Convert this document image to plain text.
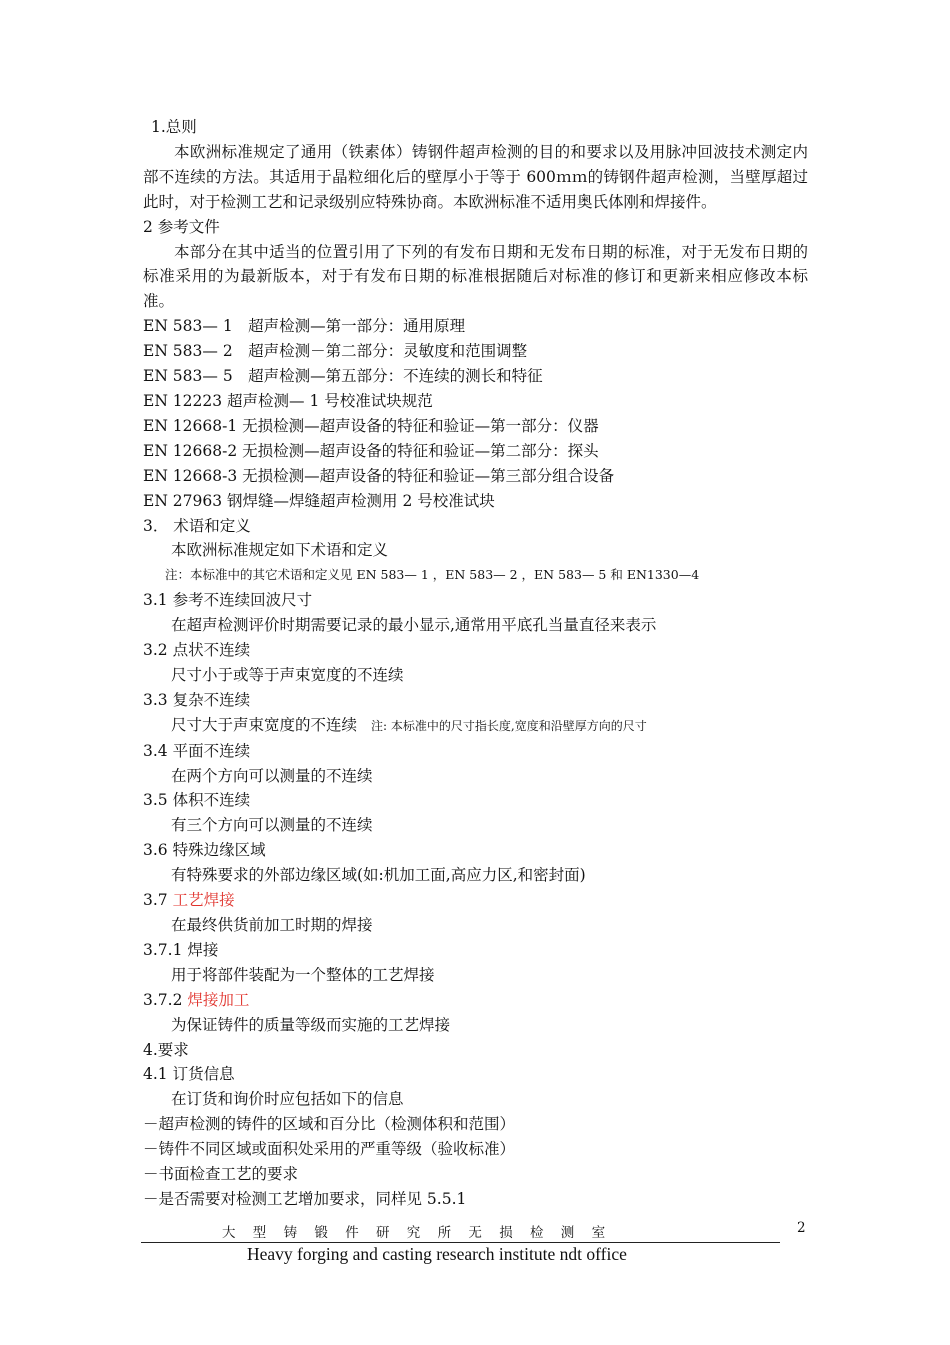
1.总则
本欧洲标准规定了通用（铁素体）铸钢件超声检测的目的和要求以及用脉冲回波技术测定内部不连续的方法。其适用于晶粒细化后的壁厚小于等于 600ｍｍ的铸钢件超声检测，当壁厚超过此时，对于检测工艺和记录级别应特殊协商。本欧洲标准不适用奥氏体刚和焊接件。
2 参考文件
本部分在其中适当的位置引用了下列的有发布日期和无发布日期的标准，对于无发布日期的标准采用的为最新版本，对于有发布日期的标准根据随后对标准的修订和更新来相应修改本标准。
EN 583— 1　超声检测—第一部分：通用原理
EN 583— 2　超声检测－第二部分：灵敏度和范围调整
EN 583— 5　超声检测—第五部分：不连续的测长和特征
EN 12223 超声检测— 1 号校准试块规范
EN 12668-1 无损检测—超声设备的特征和验证—第一部分：仪器
EN 12668-2 无损检测—超声设备的特征和验证—第二部分：探头
EN 12668-3 无损检测—超声设备的特征和验证—第三部分组合设备
EN 27963 钢焊缝—焊缝超声检测用 2 号校准试块
3． 术语和定义
本欧洲标准规定如下术语和定义
注：本标准中的其它术语和定义见 EN 583— 1 ，EN 583— 2 ，EN 583— 5 和 EN1330—4
3.1 参考不连续回波尺寸
在超声检测评价时期需要记录的最小显示,通常用平底孔当量直径来表示
3.2 点状不连续
尺寸小于或等于声束宽度的不连续
3.3 复杂不连续
尺寸大于声束宽度的不连续 注: 本标准中的尺寸指长度,宽度和沿壁厚方向的尺寸
3.4 平面不连续
在两个方向可以测量的不连续
3.5 体积不连续
有三个方向可以测量的不连续
3.6 特殊边缘区域
有特殊要求的外部边缘区域(如:机加工面,高应力区,和密封面)
3.7 工艺焊接
在最终供货前加工时期的焊接
3.7.1 焊接
用于将部件装配为一个整体的工艺焊接
3.7.2 焊接加工
为保证铸件的质量等级而实施的工艺焊接
4.要求
4.1 订货信息
在订货和询价时应包括如下的信息
－超声检测的铸件的区域和百分比（检测体积和范围）
－铸件不同区域或面积处采用的严重等级（验收标准）
－书面检查工艺的要求
－是否需要对检测工艺增加要求，同样见 5.5.1
大型铸锻件研究所无损检测室	2
Heavy forging and casting research institute ndt office
